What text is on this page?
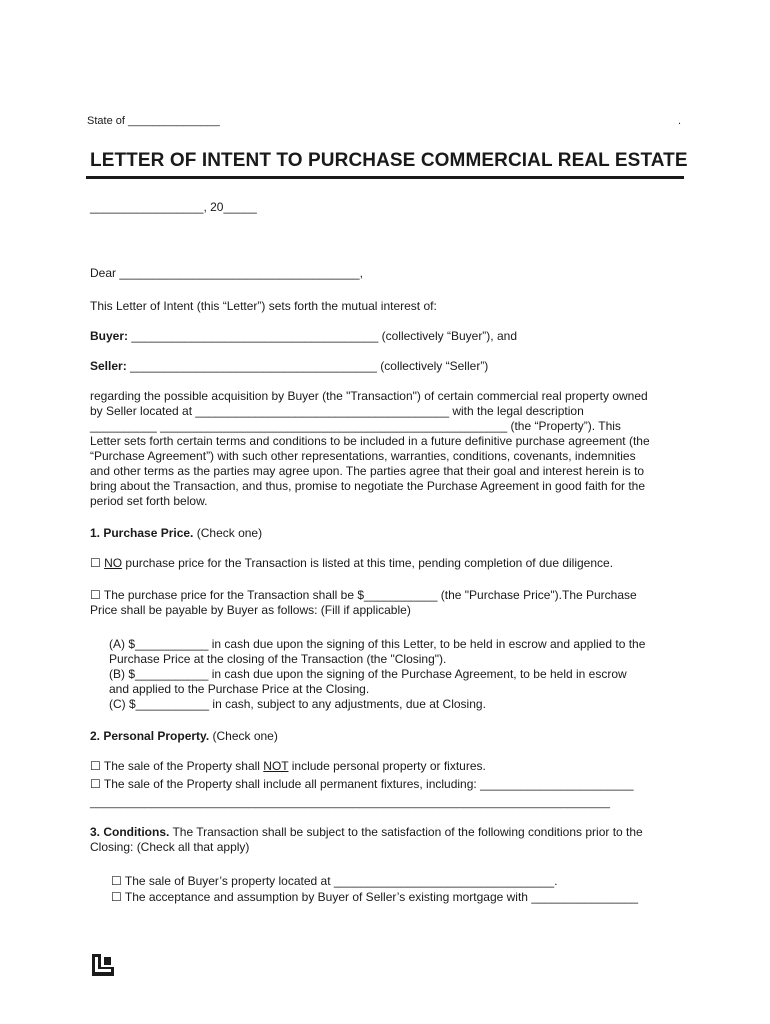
State of _______________	.
LETTER OF INTENT TO PURCHASE COMMERCIAL REAL ESTATE
_________________, 20_____
Dear ____________________________________,
This Letter of Intent (this “Letter”) sets forth the mutual interest of:
Buyer: _____________________________________ (collectively “Buyer”), and
Seller: _____________________________________ (collectively “Seller”)
regarding the possible acquisition by Buyer (the "Transaction") of certain commercial real property owned
by Seller located at ______________________________________ with the legal description
__________ ____________________________________________________ (the “Property”). This
Letter sets forth certain terms and conditions to be included in a future definitive purchase agreement (the
“Purchase Agreement”) with such other representations, warranties, conditions, covenants, indemnities
and other terms as the parties may agree upon. The parties agree that their goal and interest herein is to
bring about the Transaction, and thus, promise to negotiate the Purchase Agreement in good faith for the
period set forth below.
1. Purchase Price. (Check one)
☐ NO purchase price for the Transaction is listed at this time, pending completion of due diligence.
☐ The purchase price for the Transaction shall be $___________ (the "Purchase Price").The Purchase
Price shall be payable by Buyer as follows: (Fill if applicable)
(A) $___________ in cash due upon the signing of this Letter, to be held in escrow and applied to the
Purchase Price at the closing of the Transaction (the "Closing").
(B) $___________ in cash due upon the signing of the Purchase Agreement, to be held in escrow
and applied to the Purchase Price at the Closing.
(C) $___________ in cash, subject to any adjustments, due at Closing.
2. Personal Property. (Check one)
☐ The sale of the Property shall NOT include personal property or fixtures.
☐ The sale of the Property shall include all permanent fixtures, including: _______________________
_____________________________________________________________________________________
3. Conditions. The Transaction shall be subject to the satisfaction of the following conditions prior to the
Closing: (Check all that apply)
☐ The sale of Buyer’s property located at _________________________________.
☐ The acceptance and assumption by Buyer of Seller’s existing mortgage with ________________
